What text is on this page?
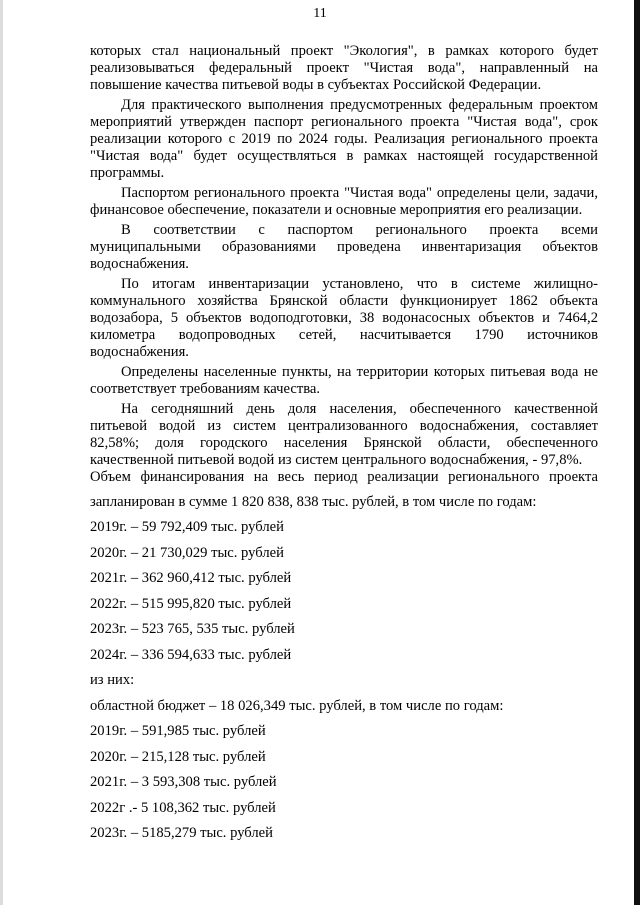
11
которых стал национальный проект "Экология", в рамках которого будет
реализовываться федеральный проект "Чистая вода", направленный на
повышение качества питьевой воды в субъектах Российской Федерации.
Для практического выполнения предусмотренных федеральным проектом
мероприятий утвержден паспорт регионального проекта "Чистая вода", срок
реализации которого с 2019 по 2024 годы. Реализация регионального проекта
"Чистая вода" будет осуществляться в рамках настоящей государственной
программы.
Паспортом регионального проекта "Чистая вода" определены цели, задачи,
финансовое обеспечение, показатели и основные мероприятия его реализации.
В соответствии с паспортом регионального проекта всеми
муниципальными образованиями проведена инвентаризация объектов
водоснабжения.
По итогам инвентаризации установлено, что в системе жилищно-
коммунального хозяйства Брянской области функционирует 1862 объекта
водозабора, 5 объектов водоподготовки, 38 водонасосных объектов и 7464,2
километра водопроводных сетей, насчитывается 1790 источников
водоснабжения.
Определены населенные пункты, на территории которых питьевая вода не
соответствует требованиям качества.
На сегодняшний день доля населения, обеспеченного качественной
питьевой водой из систем централизованного водоснабжения, составляет
82,58%; доля городского населения Брянской области, обеспеченного
качественной питьевой водой из систем центрального водоснабжения, - 97,8%.
Объем финансирования на весь период реализации регионального проекта
запланирован в сумме 1 820 838, 838 тыс. рублей, в том числе по годам:
2019г. – 59 792,409 тыс. рублей
2020г. – 21 730,029 тыс. рублей
2021г. – 362 960,412 тыс. рублей
2022г. – 515 995,820 тыс. рублей
2023г. – 523 765, 535 тыс. рублей
2024г. – 336 594,633 тыс. рублей
из них:
областной бюджет – 18 026,349 тыс. рублей, в том числе по годам:
2019г. – 591,985 тыс. рублей
2020г. – 215,128 тыс. рублей
2021г. – 3 593,308 тыс. рублей
2022г .- 5 108,362 тыс. рублей
2023г. – 5185,279 тыс. рублей
